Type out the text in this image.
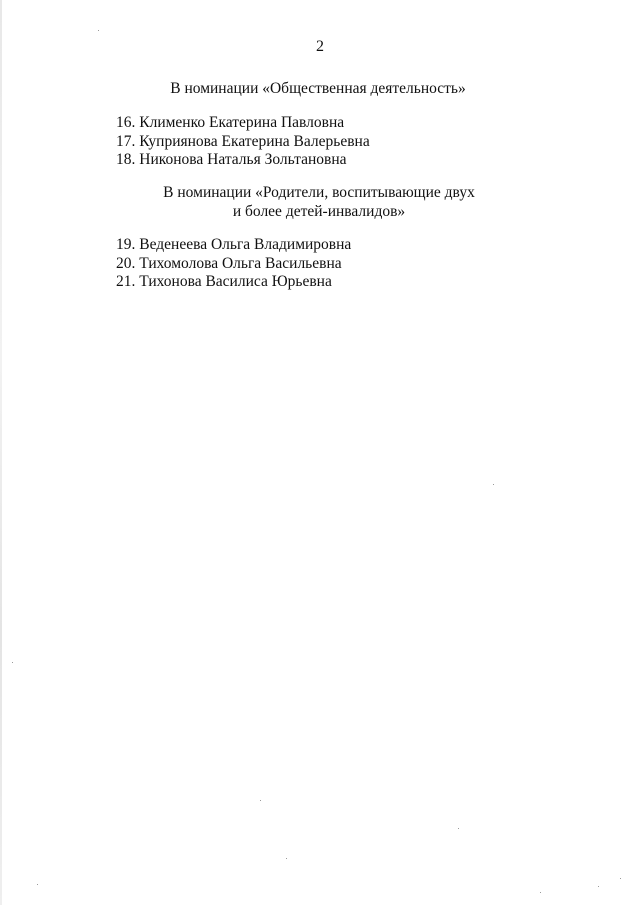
2
В номинации «Общественная деятельность»
16. Клименко Екатерина Павловна
17. Куприянова Екатерина Валерьевна
18. Никонова Наталья Зольтановна
В номинации «Родители, воспитывающие двух
и более детей-инвалидов»
19. Веденеева Ольга Владимировна
20. Тихомолова Ольга Васильевна
21. Тихонова Василиса Юрьевна
